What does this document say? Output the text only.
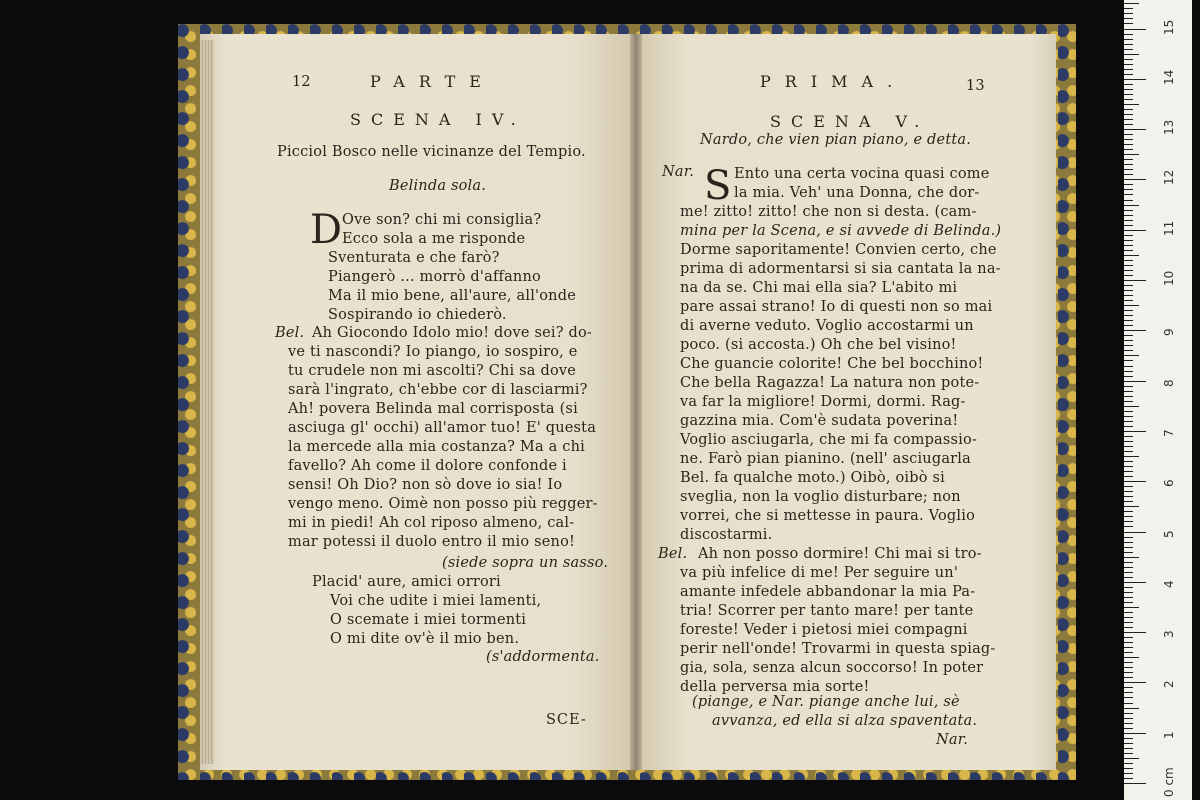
12	PARTE
SCENA IV.
Picciol Bosco nelle vicinanze del Tempio.
Belinda sola.
D Ove son? chi mi consiglia?
Ecco sola a me risponde
Sventurata e che farò?
Piangerò ... morrò d'affanno
Ma il mio bene, all'aure, all'onde
Sospirando io chiederò.
Bel. Ah Giocondo Idolo mio! dove sei? do-
ve ti nascondi? Io piango, io sospiro, e
tu crudele non mi ascolti? Chi sa dove
sarà l'ingrato, ch'ebbe cor di lasciarmi?
Ah! povera Belinda mal corrisposta (si
asciuga gl' occhi) all'amor tuo! E' questa
la mercede alla mia costanza? Ma a chi
favello? Ah come il dolore confonde i
sensi! Oh Dio? non sò dove io sia! Io
vengo meno. Oimè non posso più regger-
mi in piedi! Ah col riposo almeno, cal-
mar potessi il duolo entro il mio seno!
(siede sopra un sasso.
Placid' aure, amici orrori
Voi che udite i miei lamenti,
O scemate i miei tormenti
O mi dite ov'è il mio ben.
(s'addormenta.
SCE-
PRIMA.	13
SCENA V.
Nardo, che vien pian piano, e detta.
Nar. S Ento una certa vocina quasi come
la mia. Veh' una Donna, che dor-
me! zitto! zitto! che non si desta. (cam-
mina per la Scena, e si avvede di Belinda.)
Dorme saporitamente! Convien certo, che
prima di adormentarsi si sia cantata la na-
na da se. Chi mai ella sia? L'abito mi
pare assai strano! Io di questi non so mai
di averne veduto. Voglio accostarmi un
poco. (si accosta.) Oh che bel visino!
Che guancie colorite! Che bel bocchino!
Che bella Ragazza! La natura non pote-
va far la migliore! Dormi, dormi. Rag-
gazzina mia. Com'è sudata poverina!
Voglio asciugarla, che mi fa compassio-
ne. Farò pian pianino. (nell' asciugarla
Bel. fa qualche moto.) Oibò, oibò si
sveglia, non la voglio disturbare; non
vorrei, che si mettesse in paura. Voglio
discostarmi.
Bel. Ah non posso dormire! Chi mai si tro-
va più infelice di me! Per seguire un'
amante infedele abbandonar la mia Pa-
tria! Scorrer per tanto mare! per tante
foreste! Veder i pietosi miei compagni
perir nell'onde! Trovarmi in questa spiag-
gia, sola, senza alcun soccorso! In poter
della perversa mia sorte!
(piange, e Nar. piange anche lui, sè
avvanza, ed ella si alza spaventata.
Nar.
0 cm
1
2
3
4
5
6
7
8
9
10
11
12
13
14
15
